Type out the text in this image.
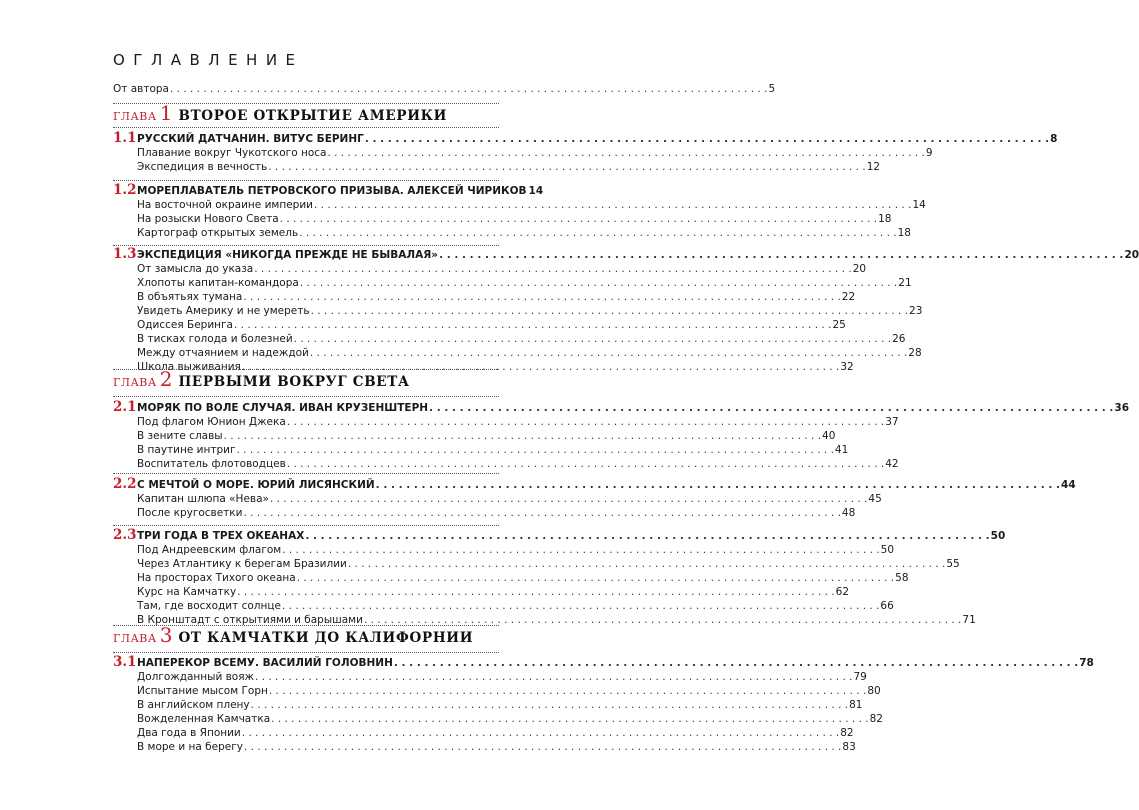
ОГЛАВЛЕНИЕ
От автора . . .	5
ГЛАВА 1 ВТОРОЕ ОТКРЫТИЕ АМЕРИКИ
1.1 РУССКИЙ ДАТЧАНИН. ВИТУС БЕРИНГ . . .	8
Плавание вокруг Чукотского носа . . .	9
Экспедиция в вечность . . .	12
1.2 МОРЕПЛАВАТЕЛЬ ПЕТРОВСКОГО ПРИЗЫВА. АЛЕКСЕЙ ЧИРИКОВ 14
На восточной окраине империи . . .	14
На розыски Нового Света . . .	18
Картограф открытых земель . . .	18
1.3 ЭКСПЕДИЦИЯ «НИКОГДА ПРЕЖДЕ НЕ БЫВАЛАЯ» . . .	20
От замысла до указа . . .	20
Хлопоты капитан-командора . . .	21
В объятьях тумана . . .	22
Увидеть Америку и не умереть . . .	23
Одиссея Беринга . . .	25
В тисках голода и болезней . . .	26
Между отчаянием и надеждой . . .	28
Школа выживания . . .	32
ГЛАВА 2 ПЕРВЫМИ ВОКРУГ СВЕТА
2.1 МОРЯК ПО ВОЛЕ СЛУЧАЯ. ИВАН КРУЗЕНШТЕРН . . .	36
Под флагом Юнион Джека . . .	37
В зените славы . . .	40
В паутине интриг . . .	41
Воспитатель флотоводцев . . .	42
2.2 С МЕЧТОЙ О МОРЕ. ЮРИЙ ЛИСЯНСКИЙ . . .	44
Капитан шлюпа «Нева» . . .	45
После кругосветки . . .	48
2.3 ТРИ ГОДА В ТРЕХ ОКЕАНАХ . . .	50
Под Андреевским флагом . . .	50
Через Атлантику к берегам Бразилии . . .	55
На просторах Тихого океана . . .	58
Курс на Камчатку . . .	62
Там, где восходит солнце . . .	66
В Кронштадт с открытиями и барышами . . .	71
ГЛАВА 3 ОТ КАМЧАТКИ ДО КАЛИФОРНИИ
3.1 НАПЕРЕКОР ВСЕМУ. ВАСИЛИЙ ГОЛОВНИН . . .	78
Долгожданный вояж . . .	79
Испытание мысом Горн . . .	80
В английском плену . . .	81
Вожделенная Камчатка . . .	82
Два года в Японии . . .	82
В море и на берегу . . .	83
